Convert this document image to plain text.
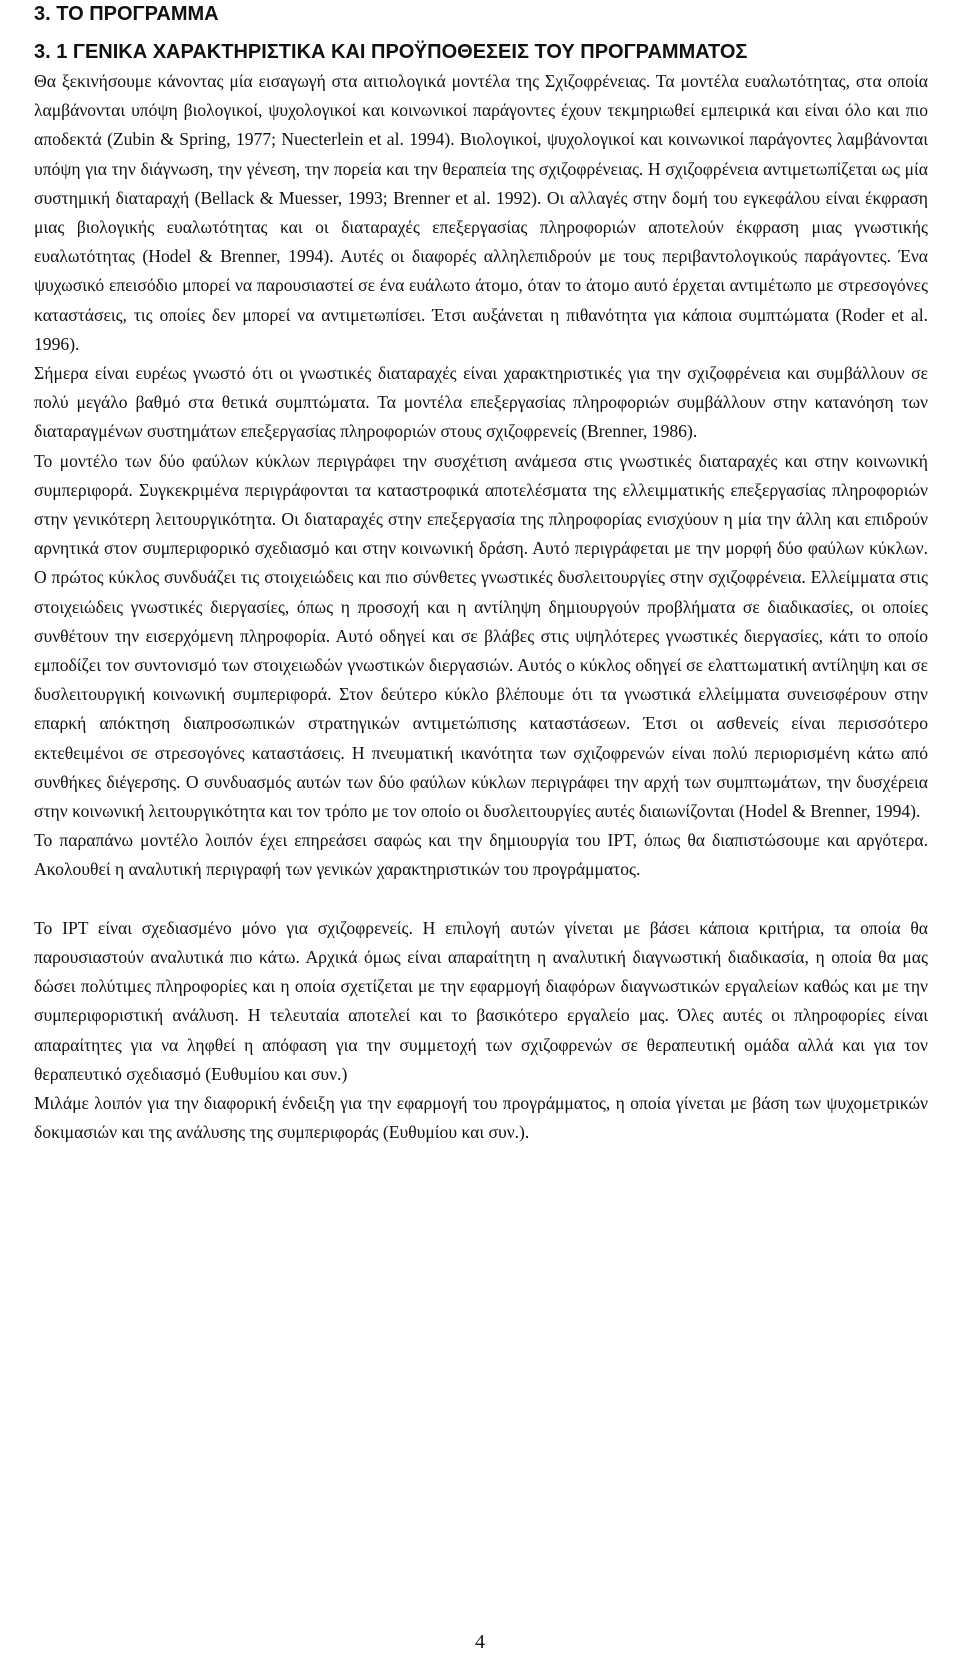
3. ΤΟ ΠΡΟΓΡΑΜΜΑ
3. 1 ΓΕΝΙΚΑ ΧΑΡΑΚΤΗΡΙΣΤΙΚΑ ΚΑΙ ΠΡΟΫΠΟΘΕΣΕΙΣ ΤΟΥ ΠΡΟΓΡΑΜΜΑΤΟΣ

Θα ξεκινήσουμε κάνοντας μία εισαγωγή στα αιτιολογικά μοντέλα της Σχιζοφρένειας. Τα μοντέλα ευαλωτότητας, στα οποία λαμβάνονται υπόψη βιολογικοί, ψυχολογικοί και κοινωνικοί παράγοντες έχουν τεκμηριωθεί εμπειρικά και είναι όλο και πιο αποδεκτά (Zubin & Spring, 1977; Nuecterlein et al. 1994). Βιολογικοί, ψυχολογικοί και κοινωνικοί παράγοντες λαμβάνονται υπόψη για την διάγνωση, την γένεση, την πορεία και την θεραπεία της σχιζοφρένειας. Η σχιζοφρένεια αντιμετωπίζεται ως μία συστημική διαταραχή (Bellack & Muesser, 1993; Brenner et al. 1992). Οι αλλαγές στην δομή του εγκεφάλου είναι έκφραση μιας βιολογικής ευαλωτότητας και οι διαταραχές επεξεργασίας πληροφοριών αποτελούν έκφραση μιας γνωστικής ευαλωτότητας (Hodel & Brenner, 1994). Αυτές οι διαφορές αλληλεπιδρούν με τους περιβαντολογικούς παράγοντες. Ένα ψυχωσικό επεισόδιο μπορεί να παρουσιαστεί σε ένα ευάλωτο άτομο, όταν το άτομο αυτό έρχεται αντιμέτωπο με στρεσογόνες καταστάσεις, τις οποίες δεν μπορεί να αντιμετωπίσει. Έτσι αυξάνεται η πιθανότητα για κάποια συμπτώματα (Roder et al. 1996).

Σήμερα είναι ευρέως γνωστό ότι οι γνωστικές διαταραχές είναι χαρακτηριστικές για την σχιζοφρένεια και συμβάλλουν σε πολύ μεγάλο βαθμό στα θετικά συμπτώματα. Τα μοντέλα επεξεργασίας πληροφοριών συμβάλλουν στην κατανόηση των διαταραγμένων συστημάτων επεξεργασίας πληροφοριών στους σχιζοφρενείς (Brenner, 1986).

Το μοντέλο των δύο φαύλων κύκλων περιγράφει την συσχέτιση ανάμεσα στις γνωστικές διαταραχές και στην κοινωνική συμπεριφορά. Συγκεκριμένα περιγράφονται τα καταστροφικά αποτελέσματα της ελλειμματικής επεξεργασίας πληροφοριών στην γενικότερη λειτουργικότητα. Οι διαταραχές στην επεξεργασία της πληροφορίας ενισχύουν η μία την άλλη και επιδρούν αρνητικά στον συμπεριφορικό σχεδιασμό και στην κοινωνική δράση. Αυτό περιγράφεται με την μορφή δύο φαύλων κύκλων. Ο πρώτος κύκλος συνδυάζει τις στοιχειώδεις και πιο σύνθετες γνωστικές δυσλειτουργίες στην σχιζοφρένεια. Ελλείμματα στις στοιχειώδεις γνωστικές διεργασίες, όπως η προσοχή και η αντίληψη δημιουργούν προβλήματα σε διαδικασίες, οι οποίες συνθέτουν την εισερχόμενη πληροφορία. Αυτό οδηγεί και σε βλάβες στις υψηλότερες γνωστικές διεργασίες, κάτι το οποίο εμποδίζει τον συντονισμό των στοιχειωδών γνωστικών διεργασιών. Αυτός ο κύκλος οδηγεί σε ελαττωματική αντίληψη και σε δυσλειτουργική κοινωνική συμπεριφορά. Στον δεύτερο κύκλο βλέπουμε ότι τα γνωστικά ελλείμματα συνεισφέρουν στην επαρκή απόκτηση διαπροσωπικών στρατηγικών αντιμετώπισης καταστάσεων. Έτσι οι ασθενείς είναι περισσότερο εκτεθειμένοι σε στρεσογόνες καταστάσεις. Η πνευματική ικανότητα των σχιζοφρενών είναι πολύ περιορισμένη κάτω από συνθήκες διέγερσης. Ο συνδυασμός αυτών των δύο φαύλων κύκλων περιγράφει την αρχή των συμπτωμάτων, την δυσχέρεια στην κοινωνική λειτουργικότητα και τον τρόπο με τον οποίο οι δυσλειτουργίες αυτές διαιωνίζονται (Hodel & Brenner, 1994).

Το παραπάνω μοντέλο λοιπόν έχει επηρεάσει σαφώς και την δημιουργία του IPT, όπως θα διαπιστώσουμε και αργότερα. Ακολουθεί η αναλυτική περιγραφή των γενικών χαρακτηριστικών του προγράμματος.

Το IPT είναι σχεδιασμένο μόνο για σχιζοφρενείς. Η επιλογή αυτών γίνεται με βάσει κάποια κριτήρια, τα οποία θα παρουσιαστούν αναλυτικά πιο κάτω. Αρχικά όμως είναι απαραίτητη η αναλυτική διαγνωστική διαδικασία, η οποία θα μας δώσει πολύτιμες πληροφορίες και η οποία σχετίζεται με την εφαρμογή διαφόρων διαγνωστικών εργαλείων καθώς και με την συμπεριφοριστική ανάλυση. Η τελευταία αποτελεί και το βασικότερο εργαλείο μας. Όλες αυτές οι πληροφορίες είναι απαραίτητες για να ληφθεί η απόφαση για την συμμετοχή των σχιζοφρενών σε θεραπευτική ομάδα αλλά και για τον θεραπευτικό σχεδιασμό (Ευθυμίου και συν.)

Μιλάμε λοιπόν για την διαφορική ένδειξη για την εφαρμογή του προγράμματος, η οποία γίνεται με βάση των ψυχομετρικών δοκιμασιών και της ανάλυσης της συμπεριφοράς (Ευθυμίου και συν.).

4
